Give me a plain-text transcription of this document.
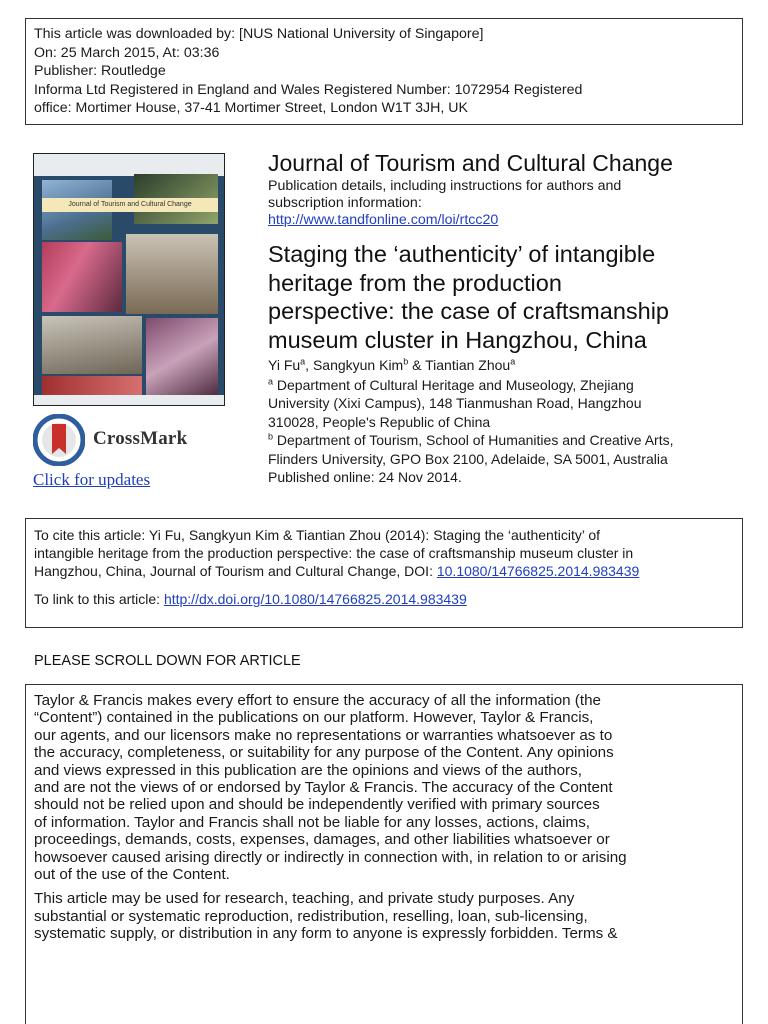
This article was downloaded by: [NUS National University of Singapore]
On: 25 March 2015, At: 03:36
Publisher: Routledge
Informa Ltd Registered in England and Wales Registered Number: 1072954 Registered
office: Mortimer House, 37-41 Mortimer Street, London W1T 3JH, UK
Journal of Tourism and Cultural Change
CrossMark
Click for updates
Journal of Tourism and Cultural Change
Publication details, including instructions for authors and
subscription information:
http://www.tandfonline.com/loi/rtcc20
Staging the ‘authenticity’ of intangible
heritage from the production
perspective: the case of craftsmanship
museum cluster in Hangzhou, China
Yi Fu$^a$, Sangkyun Kim$^b$ & Tiantian Zhou$^a$
$^a$ Department of Cultural Heritage and Museology, Zhejiang
University (Xixi Campus), 148 Tianmushan Road, Hangzhou
310028, People's Republic of China
$^b$ Department of Tourism, School of Humanities and Creative Arts,
Flinders University, GPO Box 2100, Adelaide, SA 5001, Australia
Published online: 24 Nov 2014.
To cite this article: Yi Fu, Sangkyun Kim & Tiantian Zhou (2014): Staging the ‘authenticity’ of
intangible heritage from the production perspective: the case of craftsmanship museum cluster in
Hangzhou, China, Journal of Tourism and Cultural Change, DOI: 10.1080/14766825.2014.983439
To link to this article: http://dx.doi.org/10.1080/14766825.2014.983439
PLEASE SCROLL DOWN FOR ARTICLE
Taylor & Francis makes every effort to ensure the accuracy of all the information (the
“Content”) contained in the publications on our platform. However, Taylor & Francis,
our agents, and our licensors make no representations or warranties whatsoever as to
the accuracy, completeness, or suitability for any purpose of the Content. Any opinions
and views expressed in this publication are the opinions and views of the authors,
and are not the views of or endorsed by Taylor & Francis. The accuracy of the Content
should not be relied upon and should be independently verified with primary sources
of information. Taylor and Francis shall not be liable for any losses, actions, claims,
proceedings, demands, costs, expenses, damages, and other liabilities whatsoever or
howsoever caused arising directly or indirectly in connection with, in relation to or arising
out of the use of the Content.
This article may be used for research, teaching, and private study purposes. Any
substantial or systematic reproduction, redistribution, reselling, loan, sub-licensing,
systematic supply, or distribution in any form to anyone is expressly forbidden. Terms &
